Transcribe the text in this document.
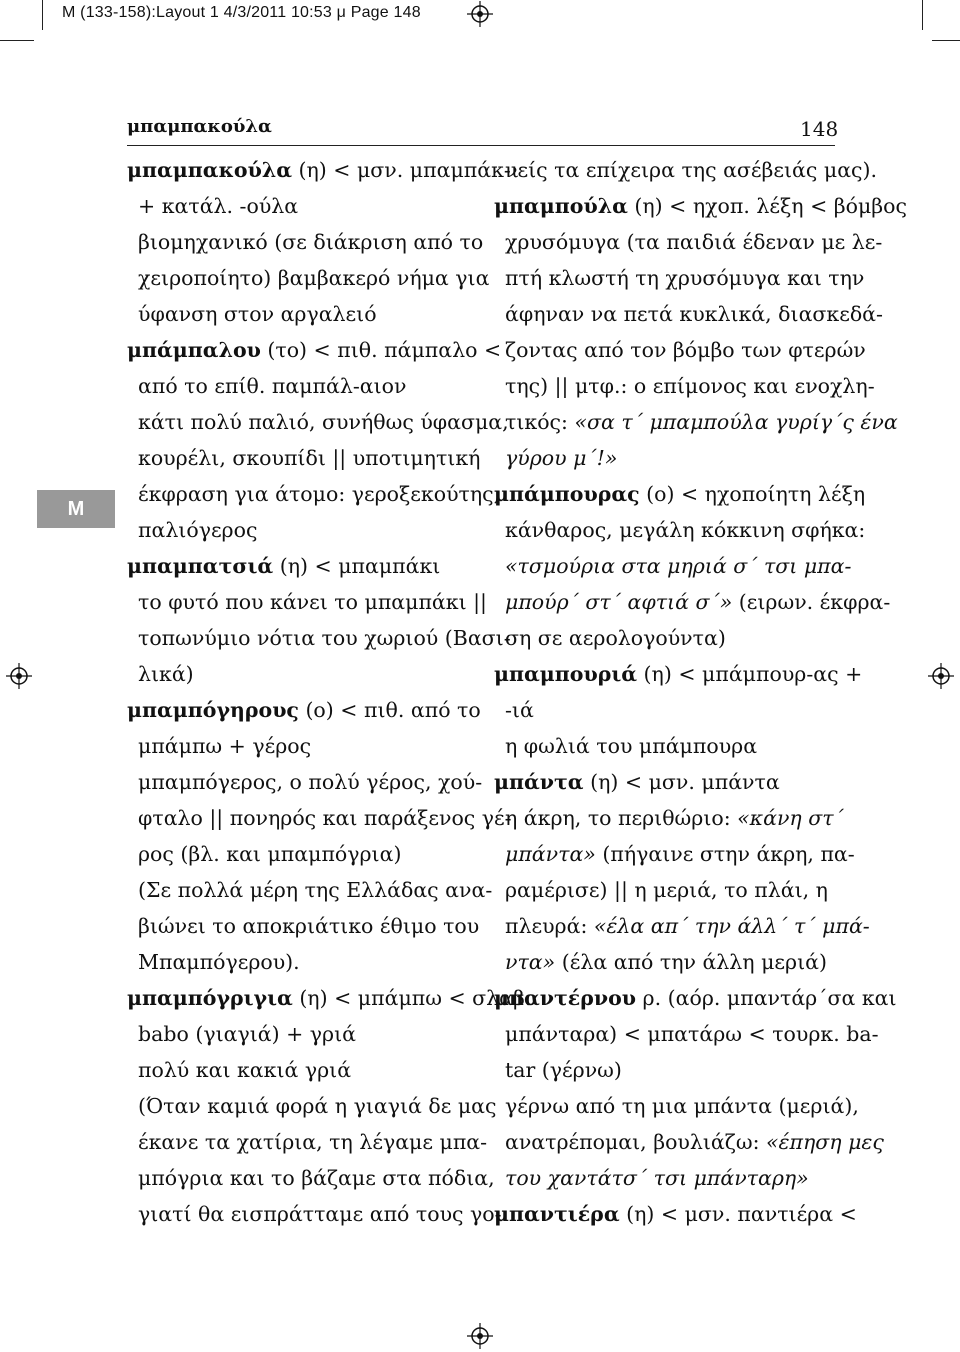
M (133-158):Layout 1 4/3/2011 10:53 μ Page 148
μπαμπακούλα	148
Μ
μπαμπακούλα (η) < μσν. μπαμπάκ-ι
+ κατάλ. -ούλα
βιομηχανικό (σε διάκριση από το
χειροποίητο) βαμβακερό νήμα για
ύφανση στον αργαλειό
μπάμπαλου (το) < πιθ. πάμπαλο <
από το επίθ. παμπάλ-αιον
κάτι πολύ παλιό, συνήθως ύφασμα,
κουρέλι, σκουπίδι || υποτιμητική
έκφραση για άτομο: γεροξεκούτης,
παλιόγερος
μπαμπατσιά (η) < μπαμπάκι
το φυτό που κάνει το μπαμπάκι ||
τοπωνύμιο νότια του χωριού (Βασι-
λικά)
μπαμπόγηρους (ο) < πιθ. από το
μπάμπω + γέρος
μπαμπόγερος, ο πολύ γέρος, χού-
φταλο || πονηρός και παράξενος γέ-
ρος (βλ. και μπαμπόγρια)
(Σε πολλά μέρη της Ελλάδας ανα-
βιώνει το αποκριάτικο έθιμο του
Μπαμπόγερου).
μπαμπόγριγια (η) < μπάμπω < σλαβ.
babo (γιαγιά) + γριά
πολύ και κακιά γριά
(Όταν καμιά φορά η γιαγιά δε μας
έκανε τα χατίρια, τη λέγαμε μπα-
μπόγρια και το βάζαμε στα πόδια,
γιατί θα εισπράτταμε από τους γο-
νείς τα επίχειρα της ασέβειάς μας).
μπαμπούλα (η) < ηχοπ. λέξη < βόμβος
χρυσόμυγα (τα παιδιά έδεναν με λε-
πτή κλωστή τη χρυσόμυγα και την
άφηναν να πετά κυκλικά, διασκεδά-
ζοντας από τον βόμβο των φτερών
της) || μτφ.: ο επίμονος και ενοχλη-
τικός: «σα τ΄ μπαμπούλα γυρίγ΄ς ένα
γύρου μ΄!»
μπάμπουρας (ο) < ηχοποίητη λέξη
κάνθαρος, μεγάλη κόκκινη σφήκα:
«τσμούρια στα μηριά σ΄ τσι μπα-
μπούρ΄ στ΄ αφτιά σ΄» (ειρων. έκφρα-
ση σε αερολογούντα)
μπαμπουριά (η) < μπάμπουρ-ας +
-ιά
η φωλιά του μπάμπουρα
μπάντα (η) < μσν. μπάντα
η άκρη, το περιθώριο: «κάνη στ΄
μπάντα» (πήγαινε στην άκρη, πα-
ραμέρισε) || η μεριά, το πλάι, η
πλευρά: «έλα απ΄ την άλλ΄ τ΄ μπά-
ντα» (έλα από την άλλη μεριά)
μπαντέρνου ρ. (αόρ. μπαντάρ΄σα και
μπάνταρα) < μπατάρω < τουρκ. ba-
tar (γέρνω)
γέρνω από τη μια μπάντα (μεριά),
ανατρέπομαι, βουλιάζω: «έπηση μες
του χαντάτσ΄ τσι μπάνταρη»
μπαντιέρα (η) < μσν. παντιέρα <
